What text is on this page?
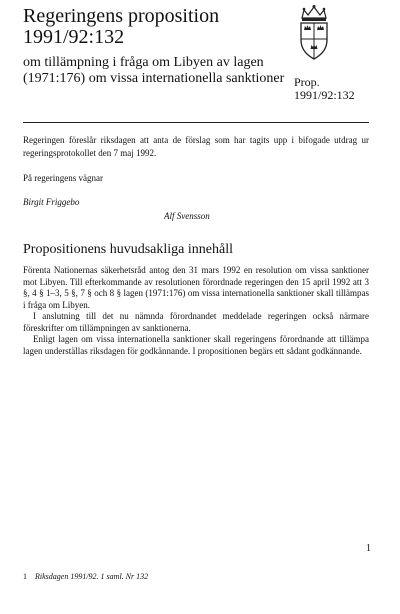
Regeringens proposition
1991/92:132

om tillämpning i fråga om Libyen av lagen (1971:176) om vissa internationella sanktioner Prop.
1991/92:132

Regeringen föreslår riksdagen att anta de förslag som har tagits upp i bifogade utdrag ur regeringsprotokollet den 7 maj 1992.

På regeringens vägnar
Birgit Friggebo
Alf Svensson
Propositionens huvudsakliga innehåll

Förenta Nationernas säkerhetsråd antog den 31 mars 1992 en resolution om vissa sanktioner mot Libyen. Till efterkommande av resolutionen förordnade regeringen den 15 april 1992 att 3 §, 4 § 1–3, 5 §, 7 § och 8 § lagen (1971:176) om vissa internationella sanktioner skall tillämpas i fråga om Libyen.

I anslutning till det nu nämnda förordnandet meddelade regeringen också närmare föreskrifter om tillämpningen av sanktionerna.

Enligt lagen om vissa internationella sanktioner skall regeringens förordnande att tillämpa lagen underställas riksdagen för godkännande. I propositionen begärs ett sådant godkännande.

1
1 Riksdagen 1991/92. 1 saml. Nr 132
